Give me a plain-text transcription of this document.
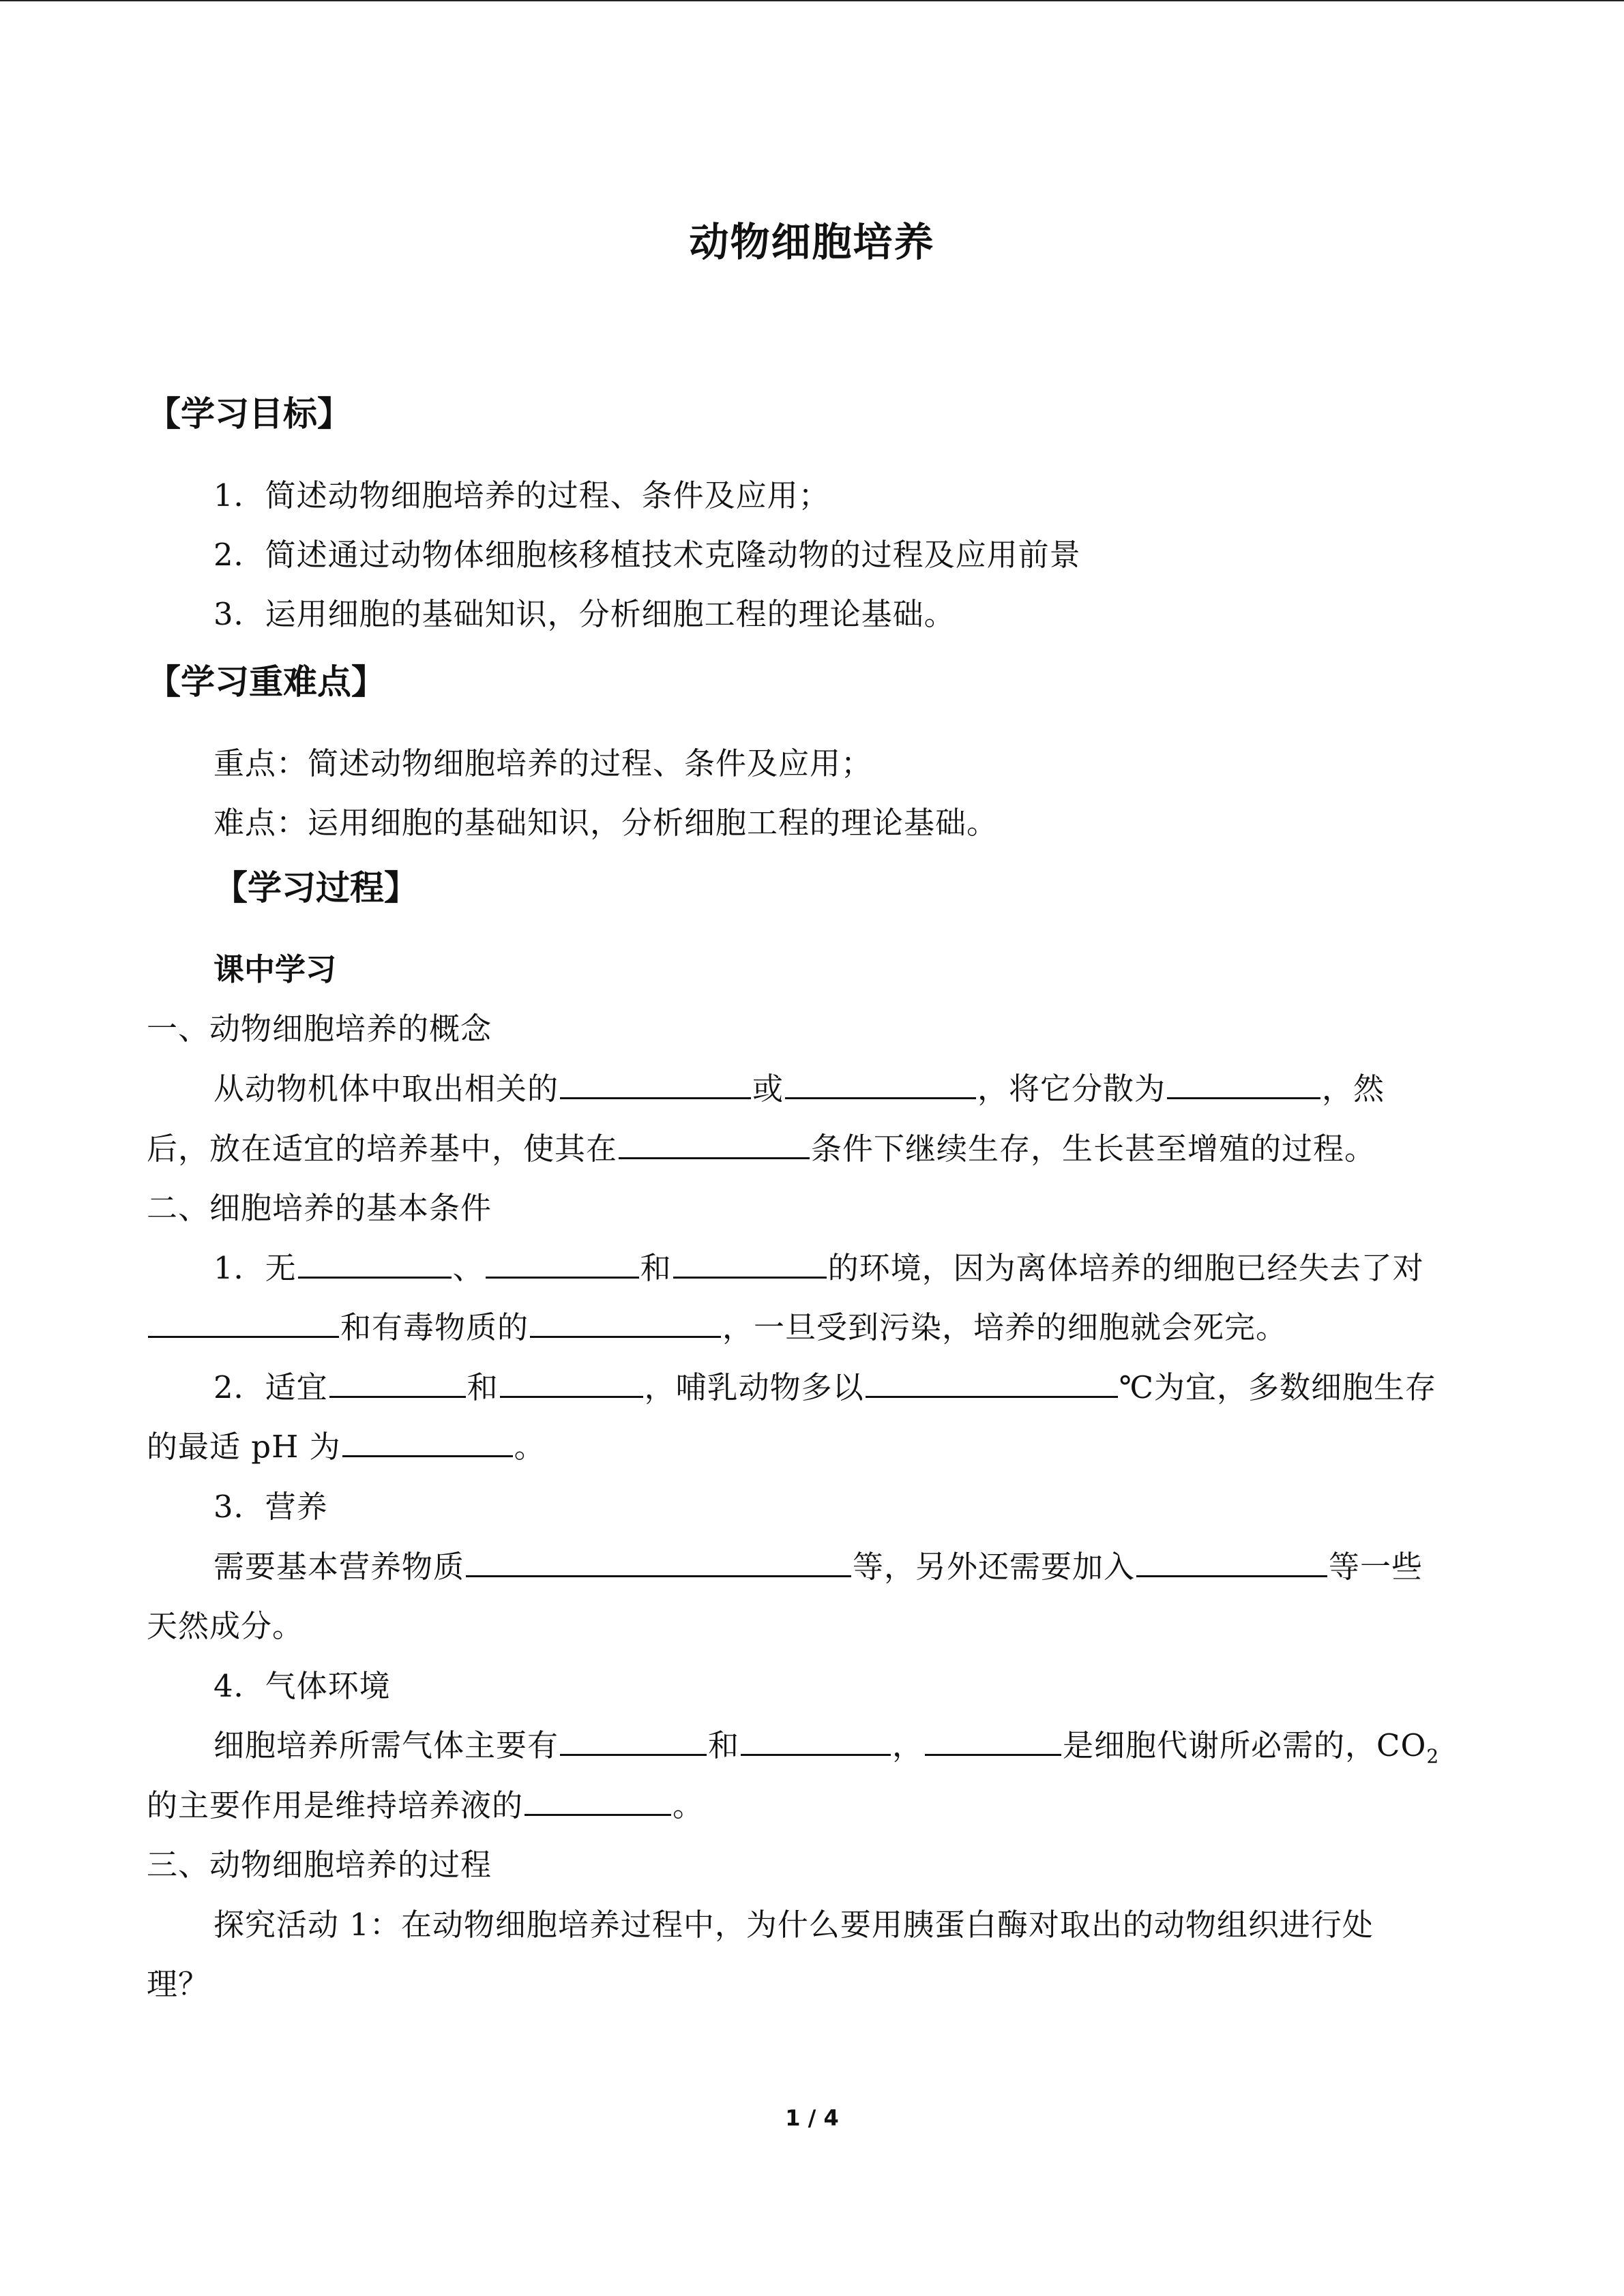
动物细胞培养
【学习目标】
1．简述动物细胞培养的过程、条件及应用；
2．简述通过动物体细胞核移植技术克隆动物的过程及应用前景
3．运用细胞的基础知识，分析细胞工程的理论基础。
【学习重难点】
重点：简述动物细胞培养的过程、条件及应用；
难点：运用细胞的基础知识，分析细胞工程的理论基础。
【学习过程】
课中学习
一、动物细胞培养的概念
从动物机体中取出相关的	或	，将它分散为	，然
后，放在适宜的培养基中，使其在	条件下继续生存，生长甚至增殖的过程。
二、细胞培养的基本条件
1．无	、	和	的环境，因为离体培养的细胞已经失去了对
和有毒物质的	，一旦受到污染，培养的细胞就会死完。
2．适宜	和	，哺乳动物多以	℃为宜，多数细胞生存
的最适 pH 为	。
3．营养
需要基本营养物质	等，另外还需要加入	等一些
天然成分。
4．气体环境
细胞培养所需气体主要有	和	，	是细胞代谢所必需的，$CO_2$
的主要作用是维持培养液的	。
三、动物细胞培养的过程
探究活动 1：在动物细胞培养过程中，为什么要用胰蛋白酶对取出的动物组织进行处
理？
1 / 4
